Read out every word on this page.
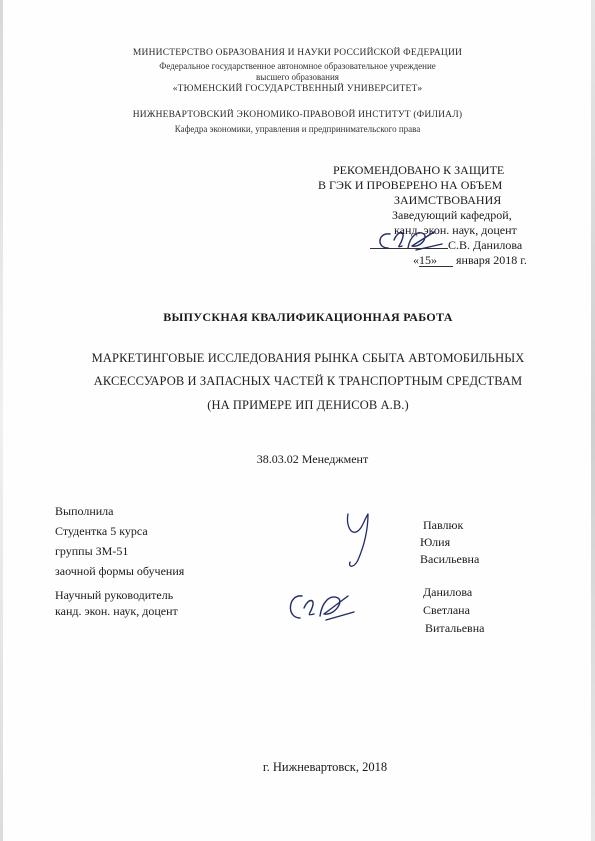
МИНИСТЕРСТВО ОБРАЗОВАНИЯ И НАУКИ РОССИЙСКОЙ ФЕДЕРАЦИИ
Федеральное государственное автономное образовательное учреждение
высшего образования
«ТЮМЕНСКИЙ ГОСУДАРСТВЕННЫЙ УНИВЕРСИТЕТ»
НИЖНЕВАРТОВСКИЙ ЭКОНОМИКО-ПРАВОВОЙ ИНСТИТУТ (ФИЛИАЛ)
Кафедра экономики, управления и предпринимательского права
РЕКОМЕНДОВАНО К ЗАЩИТЕ
В ГЭК И ПРОВЕРЕНО НА ОБЪЕМ
ЗАИМСТВОВАНИЯ
Заведующий кафедрой,
канд. экон. наук, доцент
С.В. Данилова
«15» января 2018 г.
ВЫПУСКНАЯ КВАЛИФИКАЦИОННАЯ РАБОТА
МАРКЕТИНГОВЫЕ ИССЛЕДОВАНИЯ РЫНКА СБЫТА АВТОМОБИЛЬНЫХ
АКСЕССУАРОВ И ЗАПАСНЫХ ЧАСТЕЙ К ТРАНСПОРТНЫМ СРЕДСТВАМ
(НА ПРИМЕРЕ ИП ДЕНИСОВ А.В.)
38.03.02 Менеджмент
Выполнила
Студентка 5 курса
группы ЗМ-51
заочной формы обучения
Павлюк
Юлия
Васильевна
Научный руководитель
канд. экон. наук, доцент
Данилова
Светлана
Витальевна
г. Нижневартовск, 2018
